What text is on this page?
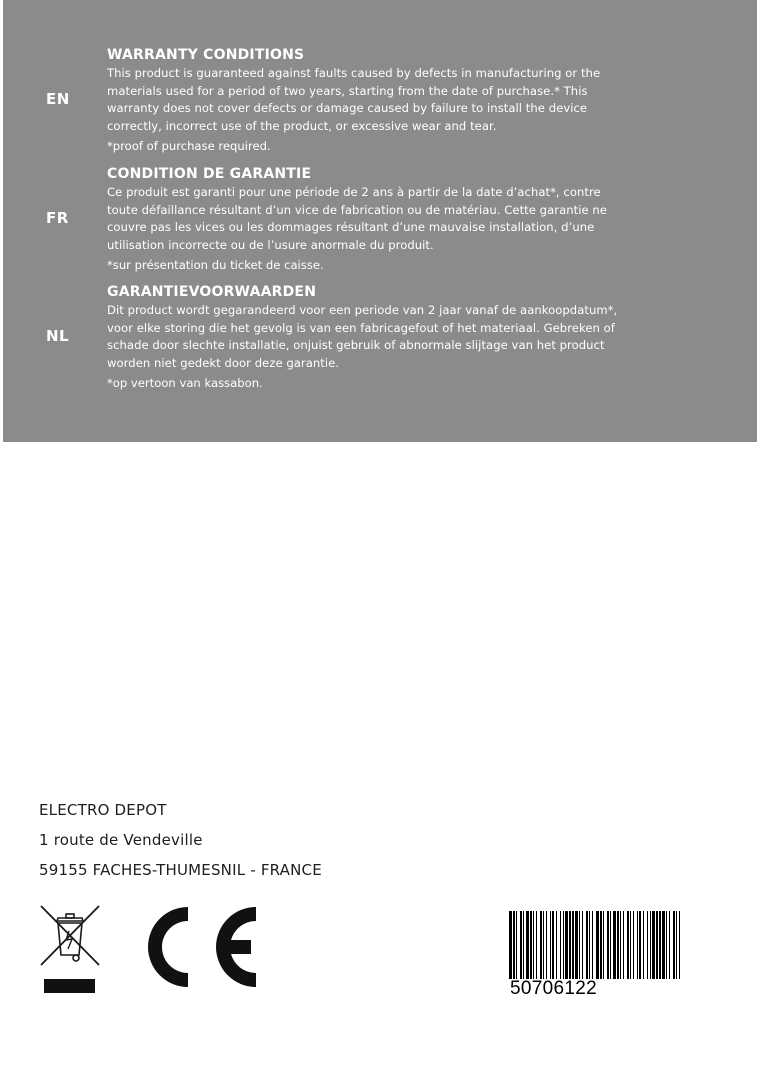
EN
WARRANTY CONDITIONS

This product is guaranteed against faults caused by defects in manufacturing or the materials used for a period of two years, starting from the date of purchase.* This warranty does not cover defects or damage caused by failure to install the device correctly, incorrect use of the product, or excessive wear and tear.

*proof of purchase required.

FR
CONDITION DE GARANTIE

Ce produit est garanti pour une période de 2 ans à partir de la date d’achat*, contre toute défaillance résultant d’un vice de fabrication ou de matériau. Cette garantie ne couvre pas les vices ou les dommages résultant d’une mauvaise installation, d’une utilisation incorrecte ou de l’usure anormale du produit.

*sur présentation du ticket de caisse.

NL
GARANTIEVOORWAARDEN

Dit product wordt gegarandeerd voor een periode van 2 jaar vanaf de aankoopdatum*, voor elke storing die het gevolg is van een fabricagefout of het materiaal. Gebreken of schade door slechte installatie, onjuist gebruik of abnormale slijtage van het product worden niet gedekt door deze garantie.

*op vertoon van kassabon.

ELECTRO DEPOT
1 route de Vendeville
59155 FACHES-THUMESNIL - FRANCE
50706122
